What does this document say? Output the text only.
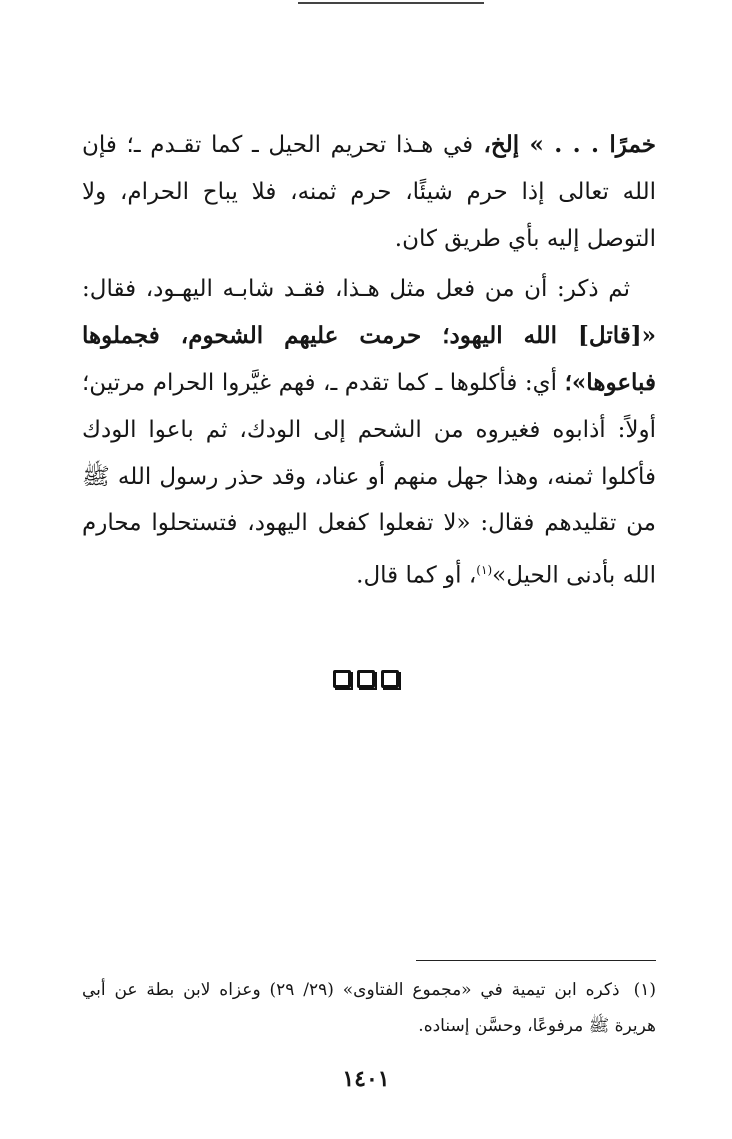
خمرًا . . . » إلخ، في هـذا تحريم الحيل ـ كما تقـدم ـ؛ فإن الله تعالى إذا حرم شيئًا، حرم ثمنه، فلا يباح الحرام، ولا التوصل إليه بأي طريق كان.

ثم ذكر: أن من فعل مثل هـذا، فقـد شابـه اليهـود، فقال: «[قاتل] الله اليهود؛ حرمت عليهم الشحوم، فجملوها فباعوها»؛ أي: فأكلوها ـ كما تقدم ـ، فهم غيَّروا الحرام مرتين؛ أولاً: أذابوه فغيروه من الشحم إلى الودك، ثم باعوا الودك فأكلوا ثمنه، وهذا جهل منهم أو عناد، وقد حذر رسول الله ﷺ من تقليدهم فقال: «لا تفعلوا كفعل اليهود، فتستحلوا محارم الله بأدنى الحيل»$^{(١)}$، أو كما قال.

(١)ذكره ابن تيمية في «مجموع الفتاوى» (٢٩/ ٢٩) وعزاه لابن بطة عن أبي هريرة ﷺ مرفوعًا، وحسَّن إسناده.

١٤٠١
